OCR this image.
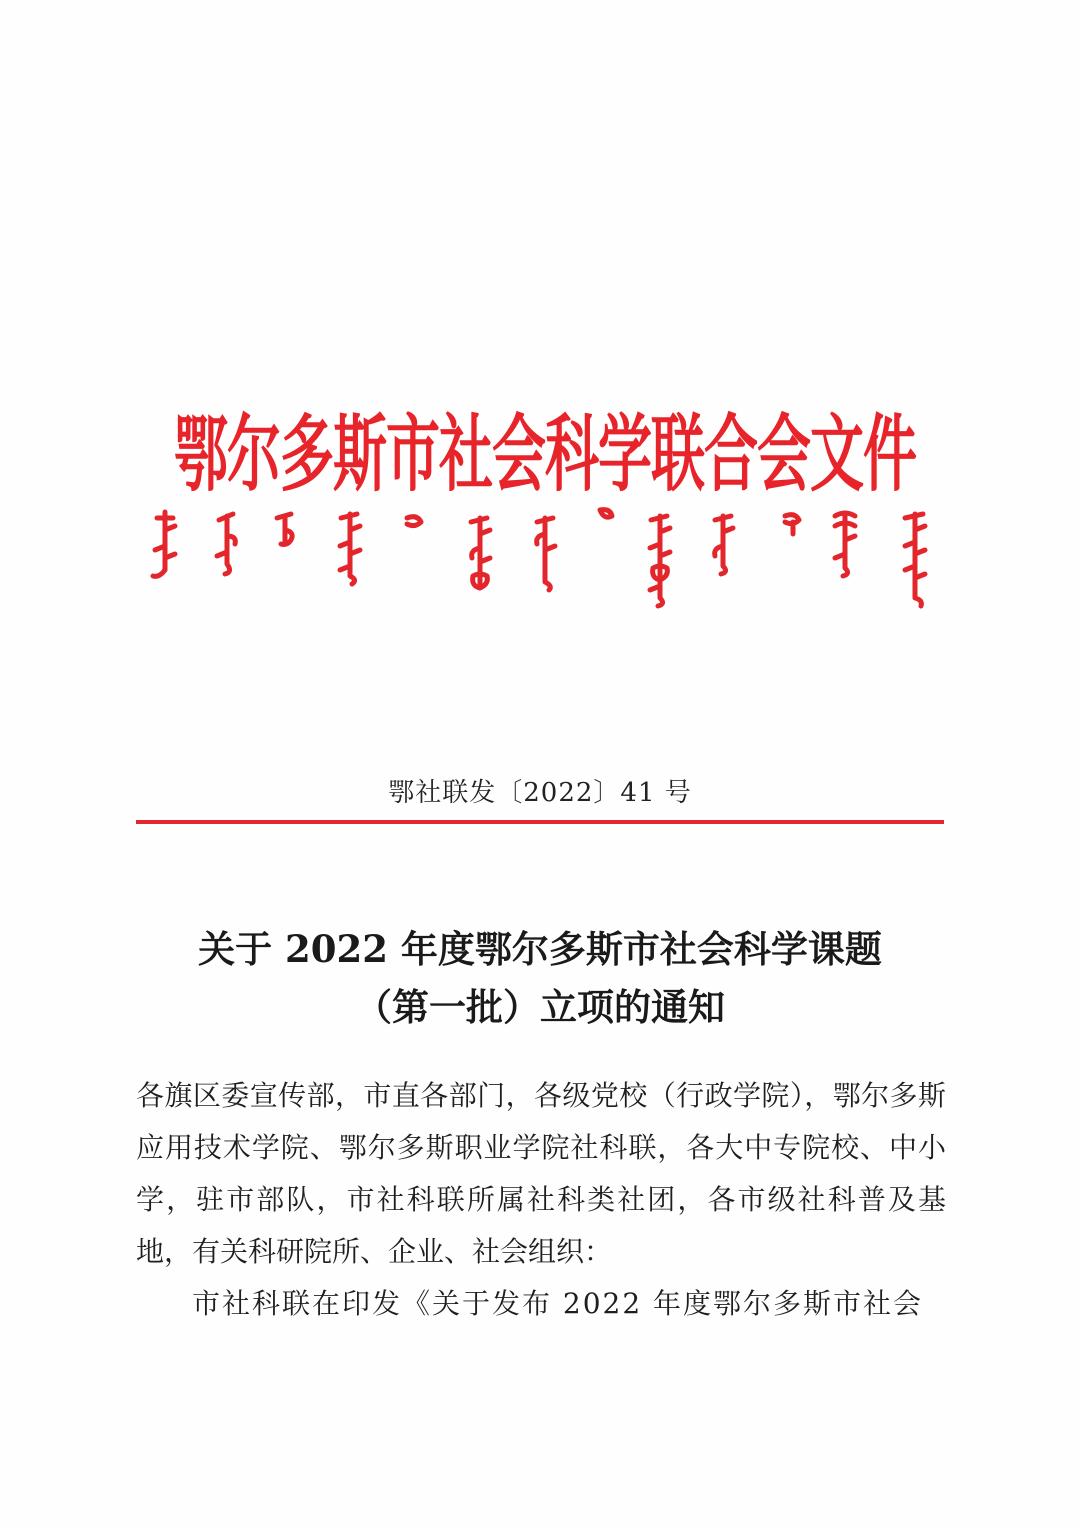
鄂尔多斯市社会科学联合会文件
鄂社联发〔2022〕41 号
关于 2022 年度鄂尔多斯市社会科学课题
（第一批）立项的通知

各旗区委宣传部，市直各部门，各级党校（行政学院），鄂尔多斯应用技术学院、鄂尔多斯职业学院社科联，各大中专院校、中小学，驻市部队，市社科联所属社科类社团，各市级社科普及基地，有关科研院所、企业、社会组织：

市社科联在印发《关于发布 2022 年度鄂尔多斯市社会
